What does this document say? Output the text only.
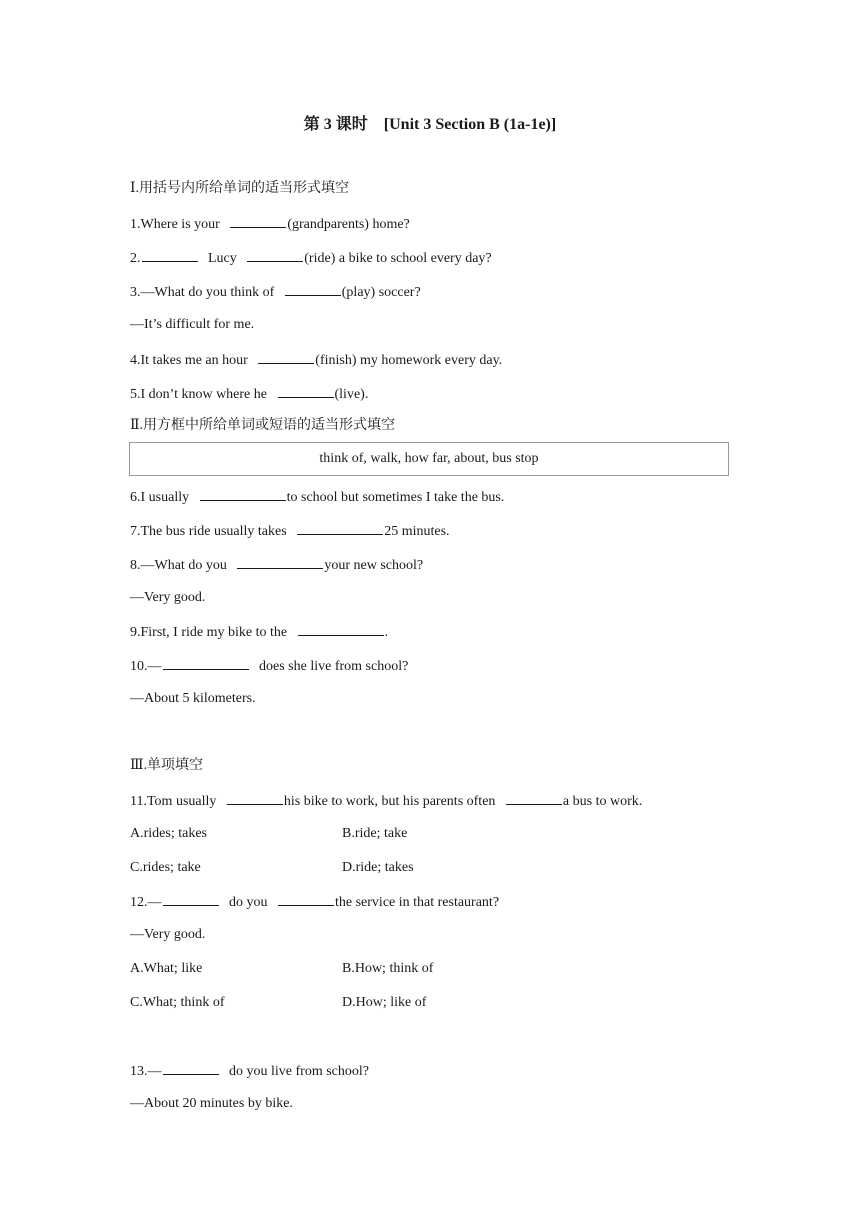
第 3 课时　[Unit 3 Section B (1a-1e)]
Ⅰ.用括号内所给单词的适当形式填空
1.Where is your	(grandparents) home?
2.	Lucy	(ride) a bike to school every day?
3.—What do you think of	(play) soccer?
—It’s difficult for me.
4.It takes me an hour	(finish) my homework every day.
5.I don’t know where he	(live).
Ⅱ.用方框中所给单词或短语的适当形式填空
think of, walk, how far, about, bus stop
6.I usually	to school but sometimes I take the bus.
7.The bus ride usually takes	25 minutes.
8.—What do you	your new school?
—Very good.
9.First, I ride my bike to the	.
10.—	does she live from school?
—About 5 kilometers.
Ⅲ.单项填空
11.Tom usually	his bike to work, but his parents often	a bus to work.
A.rides; takes	B.ride; take
C.rides; take	D.ride; takes
12.—	do you	the service in that restaurant?
—Very good.
A.What; like	B.How; think of
C.What; think of	D.How; like of
13.—	do you live from school?
—About 20 minutes by bike.
